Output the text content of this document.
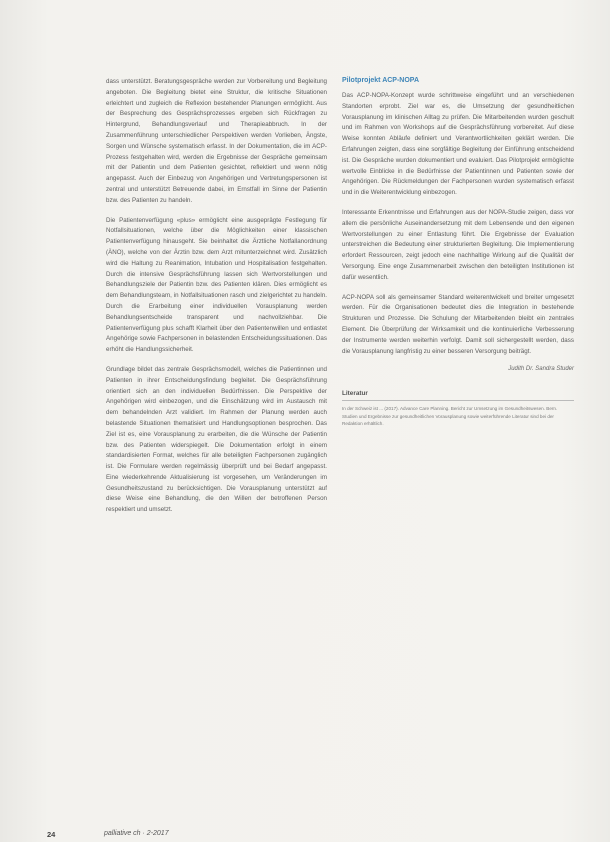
dass unterstützt. Beratungsgespräche werden zur Vorbereitung und Begleitung angeboten. Die Begleitung bietet eine Struktur, die kritische Situationen erleichtert und zugleich die Reflexion bestehender Planungen ermöglicht. Aus der Besprechung des Gesprächsprozesses ergeben sich Rückfragen zu Hintergrund, Behandlungsverlauf und Therapieabbruch. In der Zusammenführung unterschiedlicher Perspektiven werden Vorlieben, Ängste, Sorgen und Wünsche systematisch erfasst. In der Dokumentation, die im ACP-Prozess festgehalten wird, werden die Ergebnisse der Gespräche gemeinsam mit der Patientin und dem Patienten gesichtet, reflektiert und wenn nötig angepasst. Auch der Einbezug von Angehörigen und Vertretungspersonen ist zentral und unterstützt Betreuende dabei, im Ernstfall im Sinne der Patientin bzw. des Patienten zu handeln.

Die Patientenverfügung «plus» ermöglicht eine ausgeprägte Festlegung für Notfallsituationen, welche über die Möglichkeiten einer klassischen Patientenverfügung hinausgeht. Sie beinhaltet die Ärztliche Notfallanordnung (ÄNO), welche von der Ärztin bzw. dem Arzt mitunterzeichnet wird. Zusätzlich wird die Haltung zu Reanimation, Intubation und Hospitalisation festgehalten. Durch die intensive Gesprächsführung lassen sich Wertvorstellungen und Behandlungsziele der Patientin bzw. des Patienten klären. Dies ermöglicht es dem Behandlungsteam, in Notfallsituationen rasch und zielgerichtet zu handeln. Durch die Erarbeitung einer individuellen Vorausplanung werden Behandlungsentscheide transparent und nachvollziehbar. Die Patientenverfügung plus schafft Klarheit über den Patientenwillen und entlastet Angehörige sowie Fachpersonen in belastenden Entscheidungssituationen. Das erhöht die Handlungssicherheit.

Grundlage bildet das zentrale Gesprächsmodell, welches die Patientinnen und Patienten in ihrer Entscheidungsfindung begleitet. Die Gesprächsführung orientiert sich an den individuellen Bedürfnissen. Die Perspektive der Angehörigen wird einbezogen, und die Einschätzung wird im Austausch mit dem behandelnden Arzt validiert. Im Rahmen der Planung werden auch belastende Situationen thematisiert und Handlungsoptionen besprochen. Das Ziel ist es, eine Vorausplanung zu erarbeiten, die die Wünsche der Patientin bzw. des Patienten widerspiegelt. Die Dokumentation erfolgt in einem standardisierten Format, welches für alle beteiligten Fachpersonen zugänglich ist. Die Formulare werden regelmässig überprüft und bei Bedarf angepasst. Eine wiederkehrende Aktualisierung ist vorgesehen, um Veränderungen im Gesundheitszustand zu berücksichtigen. Die Vorausplanung unterstützt auf diese Weise eine Behandlung, die den Willen der betroffenen Person respektiert und umsetzt.

Pilotprojekt ACP-NOPA

Das ACP-NOPA-Konzept wurde schrittweise eingeführt und an verschiedenen Standorten erprobt. Ziel war es, die Umsetzung der gesundheitlichen Vorausplanung im klinischen Alltag zu prüfen. Die Mitarbeitenden wurden geschult und im Rahmen von Workshops auf die Gesprächsführung vorbereitet. Auf diese Weise konnten Abläufe definiert und Verantwortlichkeiten geklärt werden. Die Erfahrungen zeigten, dass eine sorgfältige Begleitung der Einführung entscheidend ist. Die Gespräche wurden dokumentiert und evaluiert. Das Pilotprojekt ermöglichte wertvolle Einblicke in die Bedürfnisse der Patientinnen und Patienten sowie der Angehörigen. Die Rückmeldungen der Fachpersonen wurden systematisch erfasst und in die Weiterentwicklung einbezogen.

Interessante Erkenntnisse und Erfahrungen aus der NOPA-Studie zeigen, dass vor allem die persönliche Auseinandersetzung mit dem Lebensende und den eigenen Wertvorstellungen zu einer Entlastung führt. Die Ergebnisse der Evaluation unterstreichen die Bedeutung einer strukturierten Begleitung. Die Implementierung erfordert Ressourcen, zeigt jedoch eine nachhaltige Wirkung auf die Qualität der Versorgung. Eine enge Zusammenarbeit zwischen den beteiligten Institutionen ist dafür wesentlich.

ACP-NOPA soll als gemeinsamer Standard weiterentwickelt und breiter umgesetzt werden. Für die Organisationen bedeutet dies die Integration in bestehende Strukturen und Prozesse. Die Schulung der Mitarbeitenden bleibt ein zentrales Element. Die Überprüfung der Wirksamkeit und die kontinuierliche Verbesserung der Instrumente werden weiterhin verfolgt. Damit soll sichergestellt werden, dass die Vorausplanung langfristig zu einer besseren Versorgung beiträgt.

Judith Dr. Sandra Studer
Literatur

In der Schweiz ist ... (2017). Advance Care Planning. Bericht zur Umsetzung im Gesundheitswesen. Bern. Studien und Ergebnisse zur gesundheitlichen Vorausplanung sowie weiterführende Literatur sind bei der Redaktion erhältlich.

24	palliative ch · 2-2017
